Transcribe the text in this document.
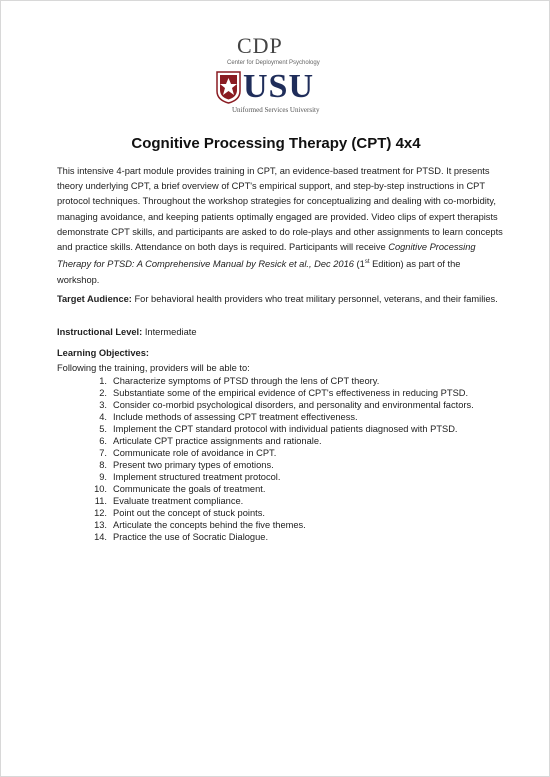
CDP
Center for Deployment Psychology
USU
Uniformed Services University
Cognitive Processing Therapy (CPT) 4x4

This intensive 4-part module provides training in CPT, an evidence-based treatment for PTSD. It presents theory underlying CPT, a brief overview of CPT's empirical support, and step-by-step instructions in CPT protocol techniques. Throughout the workshop strategies for conceptualizing and dealing with co-morbidity, managing avoidance, and keeping patients optimally engaged are provided. Video clips of expert therapists demonstrate CPT skills, and participants are asked to do role-plays and other assignments to learn concepts and practice skills. Attendance on both days is required. Participants will receive Cognitive Processing Therapy for PTSD: A Comprehensive Manual by Resick et al., Dec 2016 (1st Edition) as part of the workshop.

Target Audience: For behavioral health providers who treat military personnel, veterans, and their families.

Instructional Level: Intermediate

Learning Objectives:
Following the training, providers will be able to:
1. Characterize symptoms of PTSD through the lens of CPT theory.
2. Substantiate some of the empirical evidence of CPT's effectiveness in reducing PTSD.
3. Consider co-morbid psychological disorders, and personality and environmental factors.
4. Include methods of assessing CPT treatment effectiveness.
5. Implement the CPT standard protocol with individual patients diagnosed with PTSD.
6. Articulate CPT practice assignments and rationale.
7. Communicate role of avoidance in CPT.
8. Present two primary types of emotions.
9. Implement structured treatment protocol.
10. Communicate the goals of treatment.
11. Evaluate treatment compliance.
12. Point out the concept of stuck points.
13. Articulate the concepts behind the five themes.
14. Practice the use of Socratic Dialogue.
